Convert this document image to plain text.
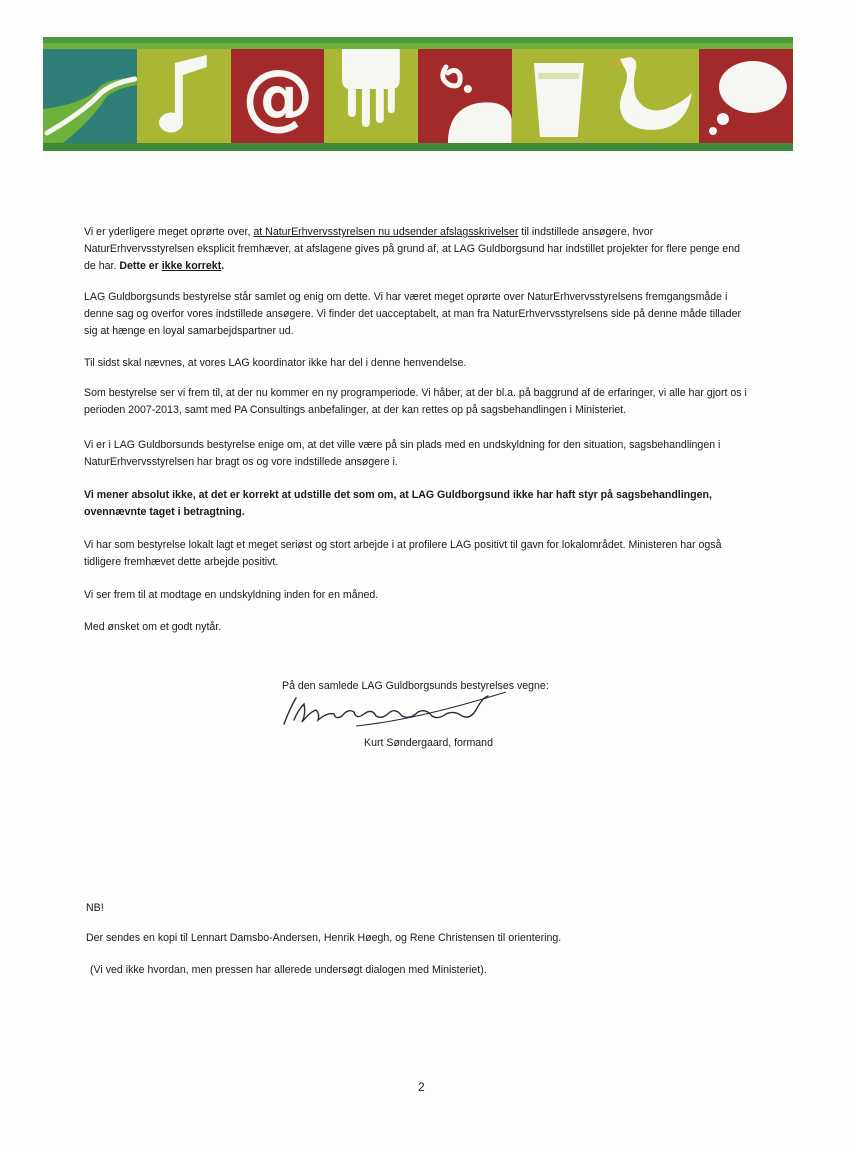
@

Vi er yderligere meget oprørte over, at NaturErhvervsstyrelsen nu udsender afslagsskrivelser til indstillede ansøgere, hvor NaturErhvervsstyrelsen eksplicit fremhæver, at afslagene gives på grund af, at LAG Guldborgsund har indstillet projekter for flere penge end de har. Dette er ikke korrekt.

LAG Guldborgsunds bestyrelse står samlet og enig om dette. Vi har været meget oprørte over NaturErhvervsstyrelsens fremgangsmåde i denne sag og overfor vores indstillede ansøgere. Vi finder det uacceptabelt, at man fra NaturErhvervsstyrelsens side på denne måde tillader sig at hænge en loyal samarbejdspartner ud.

Til sidst skal nævnes, at vores LAG koordinator ikke har del i denne henvendelse.

Som bestyrelse ser vi frem til, at der nu kommer en ny programperiode. Vi håber, at der bl.a. på baggrund af de erfaringer, vi alle har gjort os i perioden 2007-2013, samt med PA Consultings anbefalinger, at der kan rettes op på sagsbehandlingen i Ministeriet.

Vi er i LAG Guldborsunds bestyrelse enige om, at det ville være på sin plads med en undskyldning for den situation, sagsbehandlingen i NaturErhvervsstyrelsen har bragt os og vore indstillede ansøgere i.

Vi mener absolut ikke, at det er korrekt at udstille det som om, at LAG Guldborgsund ikke har haft styr på sagsbehandlingen, ovennævnte taget i betragtning.

Vi har som bestyrelse lokalt lagt et meget seriøst og stort arbejde i at profilere LAG positivt til gavn for lokalområdet. Ministeren har også tidligere fremhævet dette arbejde positivt.

Vi ser frem til at modtage en undskyldning inden for en måned.

Med ønsket om et godt nytår.

På den samlede LAG Guldborgsunds bestyrelses vegne:
Kurt Søndergaard, formand
NB!
Der sendes en kopi til Lennart Damsbo-Andersen, Henrik Høegh, og Rene Christensen til orientering.
(Vi ved ikke hvordan, men pressen har allerede undersøgt dialogen med Ministeriet).
2
